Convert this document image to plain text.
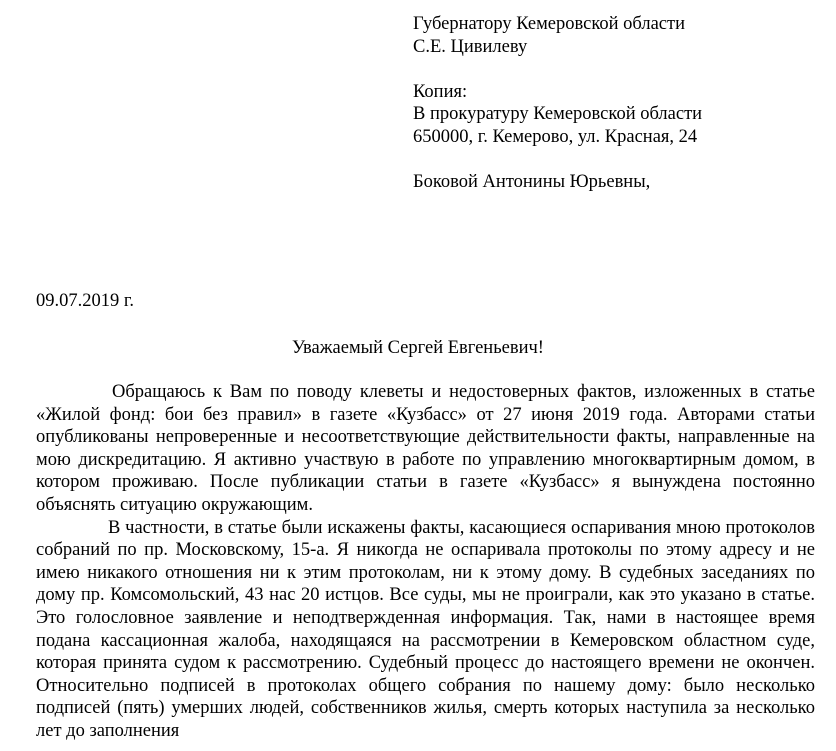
Губернатору Кемеровской области
С.Е. Цивилеву
Копия:
В прокуратуру Кемеровской области
650000, г. Кемерово, ул. Красная, 24
Боковой Антонины Юрьевны,
09.07.2019 г.
Уважаемый Сергей Евгеньевич!

Обращаюсь к Вам по поводу клеветы и недостоверных фактов, изложенных в статье «Жилой фонд: бои без правил» в газете «Кузбасс» от 27 июня 2019 года. Авторами статьи опубликованы непроверенные и несоответствующие действительности факты, направленные на мою дискредитацию. Я активно участвую в работе по управлению многоквартирным домом, в котором проживаю. После публикации статьи в газете «Кузбасс» я вынуждена постоянно объяснять ситуацию окружающим.

В частности, в статье были искажены факты, касающиеся оспаривания мною протоколов собраний по пр. Московскому, 15-а. Я никогда не оспаривала протоколы по этому адресу и не имею никакого отношения ни к этим протоколам, ни к этому дому. В судебных заседаниях по дому пр. Комсомольский, 43 нас 20 истцов. Все суды, мы не проиграли, как это указано в статье. Это голословное заявление и неподтвержденная информация. Так, нами в настоящее время подана кассационная жалоба, находящаяся на рассмотрении в Кемеровском областном суде, которая принята судом к рассмотрению. Судебный процесс до настоящего времени не окончен. Относительно подписей в протоколах общего собрания по нашему дому: было несколько подписей (пять) умерших людей, собственников жилья, смерть которых наступила за несколько лет до заполнения
